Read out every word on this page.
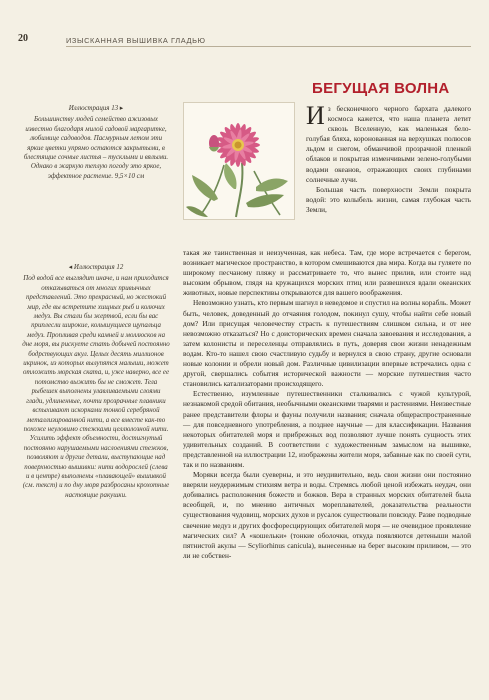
20	ИЗЫСКАННАЯ ВЫШИВКА ГЛАДЬЮ
Иллюстрация 13 ▸

Большинству людей семейство ажизовых известно благодаря милой садовой маргаритке, любимице садоводов. Пасмурным летом эти яркие цветки упрямо остаются закрытыми, в блестящие сочные листья – тусклыми и вялыми. Однако в жаркую теплую погоду это яркое, эффектное растение. 9,5×10 см

◂ Иллюстрация 12

Под водой все выглядит иначе, и нам приходится отказываться от многих привычных представлений. Это прекрасный, но жестокий мир, где вы встретите хищных рыб и колючих медуз. Вы стали бы жертвой, если бы вас приплесли широкие, колышущиеся щупальца медуз. Пропливая среди камней и моллюсков на дне моря, вы рискуете стать добычей постоянно бодрствующих акул. Целых десять миллионов икринок, из которых вылупятся малыши, может отложить морская ската, и, уже наверно, все ее потомство выжить бы не сможет. Тела рыбешек выполнены улавливаемыми слоями глади, удлиненные, почти прозрачные плавники вспыхивают искорками тонкой серебряной металлизированной нити, а все вместе как-то похоже неуловимо стежками целлюлозной нити. Усилить эффект объемности, достигнутый постоянно нарушаемыми наслоениями стежков, позволяют и другие детали, выступающие над поверхностью вышивки: нити водорослей (слева и в центре) выполнены «плавающей» вышивкой (см. текст) и по дну моря разбросаны крохотные настоящие ракушки.

БЕГУЩАЯ ВОЛНА

Из бесконечного черного бархата далекого космоса кажется, что наша планета летит сквозь Вселенную, как маленькая бело-голубая бляха, коронованная на верхушках полюсов льдом и снегом, обманчивой прозрачной пленкой облаков и покрытая изменчивыми зелено-голубыми водами океанов, отражающих своих глубинами солнечные лучи.

Большая часть поверхности Земли покрыта водой: это колыбель жизни, самая глубокая часть Земли,

такая же таинственная и неизученная, как небеса. Там, где море встречается с берегом, возникает магическое пространство, в котором смешиваются два мира. Когда вы гуляете по широкому песчаному пляжу и рассматриваете то, что вынес прилив, или стоите над высоким обрывом, глядя на кружащихся морских птиц или развешихся вдали океанских животных, новые перспективы открываются для вашего воображения.

Невозможно узнать, кто первым шагнул в неведомое и спустил на волны корабль. Может быть, человек, доведенный до отчаяния голодом, покинул сушу, чтобы найти себе новый дом? Или присущая человечеству страсть к путешествиям слишком сильна, и от нее невозможно отказаться? Но с доисторических времен сначала завоевания и исследования, а затем колонисты и переселенцы отправлялись в путь, доверяя свои жизни ненадежным водам. Кто-то нашел свою счастливую судьбу и вернулся в свою страну, другие основали новые колонии и обрели новый дом. Различные цивилизации впервые встречались одна с другой, свершались события исторической важности — морские путешествия часто становились катализаторами происходящего.

Естественно, изумленные путешественники сталкивались с чужой культурой, незнакомой средой обитания, необычными океанскими тварями и растениями. Неизвестные ранее представители флоры и фауны получили названия; сначала общераспространенные — для повседневного употребления, а позднее научные — для классификации. Названия некоторых обитателей моря и прибрежных вод позволяют лучше понять сущность этих удивительных созданий. В соответствии с художественным замыслом на вышивке, представленной на иллюстрации 12, изображены жители моря, забавные как по своей сути, так и по названиям.

Моряки всегда были суеверны, и это неудивительно, ведь свои жизни они постоянно вверяли неудержимым стихиям ветра и воды. Стремясь любой ценой избежать неудач, они добивались расположения божеств и божков. Вера в странных морских обитателей была всеобщей, и, по мнению античных мореплавателей, доказательства реальности существования чудовищ, морских духов и русалок существовали повсюду. Разве подводные свечение медуз и других фосфоресцирующих обитателей моря — не очевидное проявление магических сил? А «кошельки» (тонкие оболочки, откуда появляются детеныши малой пятнистой акулы — Scyliorhinus canicula), вынесенные на берег высоким приливом, — это ли не собствен-
